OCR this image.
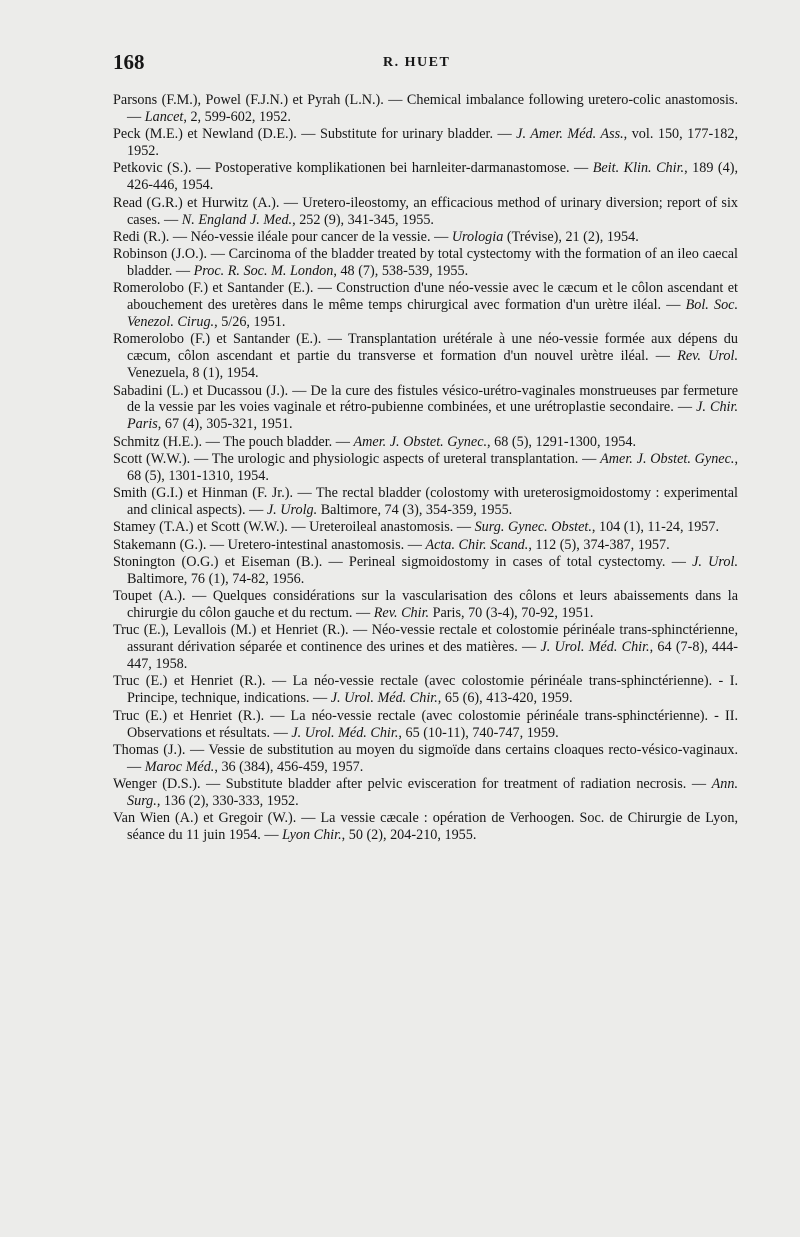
168	R. HUET

Parsons (F.M.), Powel (F.J.N.) et Pyrah (L.N.). — Chemical imbalance following uretero-colic anastomosis. — Lancet, 2, 599-602, 1952.

Peck (M.E.) et Newland (D.E.). — Substitute for urinary bladder. — J. Amer. Méd. Ass., vol. 150, 177-182, 1952.

Petkovic (S.). — Postoperative komplikationen bei harnleiter-darmanastomose. — Beit. Klin. Chir., 189 (4), 426-446, 1954.

Read (G.R.) et Hurwitz (A.). — Uretero-ileostomy, an efficacious method of urinary diversion; report of six cases. — N. England J. Med., 252 (9), 341-345, 1955.

Redi (R.). — Néo-vessie iléale pour cancer de la vessie. — Urologia (Trévise), 21 (2), 1954.

Robinson (J.O.). — Carcinoma of the bladder treated by total cystectomy with the formation of an ileo caecal bladder. — Proc. R. Soc. M. London, 48 (7), 538-539, 1955.

Romerolobo (F.) et Santander (E.). — Construction d'une néo-vessie avec le cæcum et le côlon ascendant et abouchement des uretères dans le même temps chirurgical avec formation d'un urètre iléal. — Bol. Soc. Venezol. Cirug., 5/26, 1951.

Romerolobo (F.) et Santander (E.). — Transplantation urétérale à une néo-vessie formée aux dépens du cæcum, côlon ascendant et partie du transverse et formation d'un nouvel urètre iléal. — Rev. Urol. Venezuela, 8 (1), 1954.

Sabadini (L.) et Ducassou (J.). — De la cure des fistules vésico-urétro-vaginales monstrueuses par fermeture de la vessie par les voies vaginale et rétro-pubienne combinées, et une urétroplastie secondaire. — J. Chir. Paris, 67 (4), 305-321, 1951.

Schmitz (H.E.). — The pouch bladder. — Amer. J. Obstet. Gynec., 68 (5), 1291-1300, 1954.

Scott (W.W.). — The urologic and physiologic aspects of ureteral transplantation. — Amer. J. Obstet. Gynec., 68 (5), 1301-1310, 1954.

Smith (G.I.) et Hinman (F. Jr.). — The rectal bladder (colostomy with ureterosigmoidostomy : experimental and clinical aspects). — J. Urolg. Baltimore, 74 (3), 354-359, 1955.

Stamey (T.A.) et Scott (W.W.). — Ureteroileal anastomosis. — Surg. Gynec. Obstet., 104 (1), 11-24, 1957.

Stakemann (G.). — Uretero-intestinal anastomosis. — Acta. Chir. Scand., 112 (5), 374-387, 1957.

Stonington (O.G.) et Eiseman (B.). — Perineal sigmoidostomy in cases of total cystectomy. — J. Urol. Baltimore, 76 (1), 74-82, 1956.

Toupet (A.). — Quelques considérations sur la vascularisation des côlons et leurs abaissements dans la chirurgie du côlon gauche et du rectum. — Rev. Chir. Paris, 70 (3-4), 70-92, 1951.

Truc (E.), Levallois (M.) et Henriet (R.). — Néo-vessie rectale et colostomie périnéale trans-sphinctérienne, assurant dérivation séparée et continence des urines et des matières. — J. Urol. Méd. Chir., 64 (7-8), 444-447, 1958.

Truc (E.) et Henriet (R.). — La néo-vessie rectale (avec colostomie périnéale trans-sphinctérienne). - I. Principe, technique, indications. — J. Urol. Méd. Chir., 65 (6), 413-420, 1959.

Truc (E.) et Henriet (R.). — La néo-vessie rectale (avec colostomie périnéale trans-sphinctérienne). - II. Observations et résultats. — J. Urol. Méd. Chir., 65 (10-11), 740-747, 1959.

Thomas (J.). — Vessie de substitution au moyen du sigmoïde dans certains cloaques recto-vésico-vaginaux. — Maroc Méd., 36 (384), 456-459, 1957.

Wenger (D.S.). — Substitute bladder after pelvic evisceration for treatment of radiation necrosis. — Ann. Surg., 136 (2), 330-333, 1952.

Van Wien (A.) et Gregoir (W.). — La vessie cæcale : opération de Verhoogen. Soc. de Chirurgie de Lyon, séance du 11 juin 1954. — Lyon Chir., 50 (2), 204-210, 1955.
